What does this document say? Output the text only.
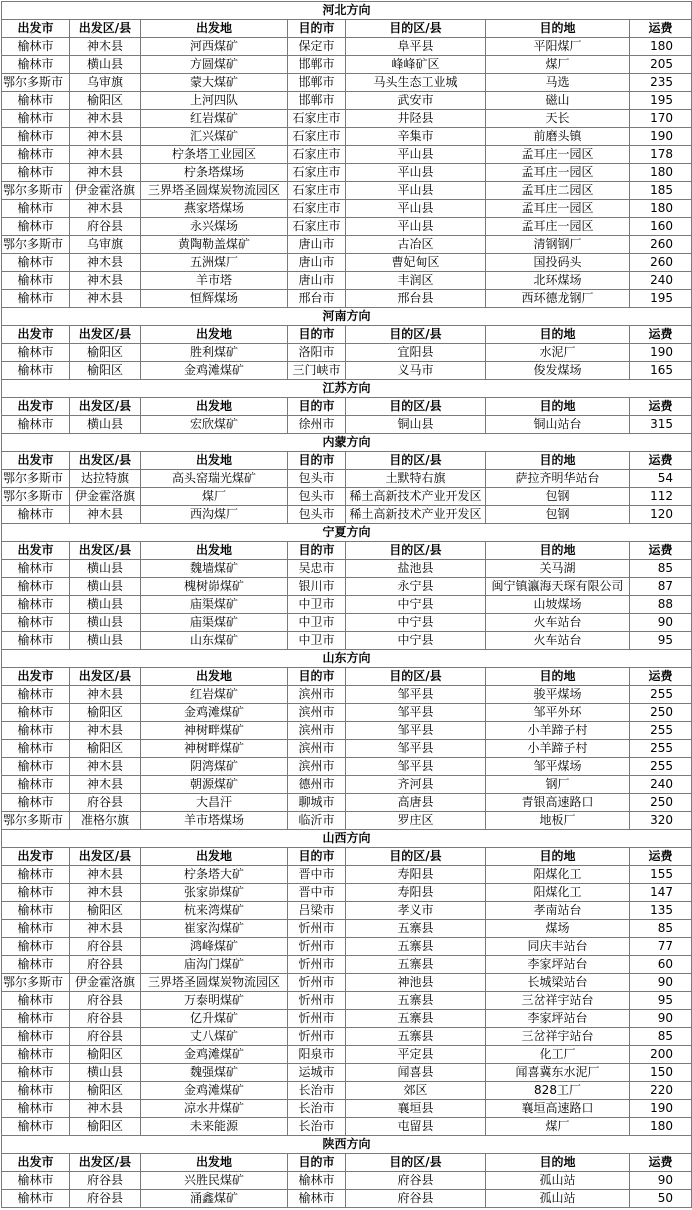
河北方向						
出发市	出发区/县	出发地	目的市	目的区/县	目的地	运费
榆林市	神木县	河西煤矿	保定市	阜平县	平阳煤厂	180
榆林市	横山县	方圆煤矿	邯郸市	峰峰矿区	煤厂	205
鄂尔多斯市	乌审旗	蒙大煤矿	邯郸市	马头生态工业城	马选	235
榆林市	榆阳区	上河四队	邯郸市	武安市	磁山	195
榆林市	神木县	红岩煤矿	石家庄市	井陉县	天长	170
榆林市	神木县	汇兴煤矿	石家庄市	辛集市	前磨头镇	190
榆林市	神木县	柠条塔工业园区	石家庄市	平山县	孟耳庄一园区	178
榆林市	神木县	柠条塔煤场	石家庄市	平山县	孟耳庄一园区	180
鄂尔多斯市	伊金霍洛旗	三界塔圣圆煤炭物流园区	石家庄市	平山县	孟耳庄二园区	185
榆林市	神木县	燕家塔煤场	石家庄市	平山县	孟耳庄一园区	180
榆林市	府谷县	永兴煤场	石家庄市	平山县	孟耳庄一园区	160
鄂尔多斯市	乌审旗	黄陶勒盖煤矿	唐山市	古冶区	清钢钢厂	260
榆林市	神木县	五洲煤厂	唐山市	曹妃甸区	国投码头	260
榆林市	神木县	羊市塔	唐山市	丰润区	北环煤场	240
榆林市	神木县	恒辉煤场	邢台市	邢台县	西环德龙钢厂	195
河南方向						
出发市	出发区/县	出发地	目的市	目的区/县	目的地	运费
榆林市	榆阳区	胜利煤矿	洛阳市	宜阳县	水泥厂	190
榆林市	榆阳区	金鸡滩煤矿	三门峡市	义马市	俊发煤场	165
江苏方向						
出发市	出发区/县	出发地	目的市	目的区/县	目的地	运费
榆林市	横山县	宏欣煤矿	徐州市	铜山县	铜山站台	315
内蒙方向						
出发市	出发区/县	出发地	目的市	目的区/县	目的地	运费
鄂尔多斯市	达拉特旗	高头窑瑞光煤矿	包头市	土默特右旗	萨拉齐明华站台	54
鄂尔多斯市	伊金霍洛旗	煤厂	包头市	稀土高新技术产业开发区	包钢	112
榆林市	神木县	西沟煤厂	包头市	稀土高新技术产业开发区	包钢	120
宁夏方向						
出发市	出发区/县	出发地	目的市	目的区/县	目的地	运费
榆林市	横山县	魏墙煤矿	吴忠市	盐池县	关马湖	85
榆林市	横山县	槐树峁煤矿	银川市	永宁县	闽宁镇瀛海天琛有限公司	87
榆林市	横山县	庙渠煤矿	中卫市	中宁县	山坡煤场	88
榆林市	横山县	庙渠煤矿	中卫市	中宁县	火车站台	90
榆林市	横山县	山东煤矿	中卫市	中宁县	火车站台	95
山东方向						
出发市	出发区/县	出发地	目的市	目的区/县	目的地	运费
榆林市	神木县	红岩煤矿	滨州市	邹平县	骏平煤场	255
榆林市	榆阳区	金鸡滩煤矿	滨州市	邹平县	邹平外环	250
榆林市	神木县	神树畔煤矿	滨州市	邹平县	小羊蹄子村	255
榆林市	榆阳区	神树畔煤矿	滨州市	邹平县	小羊蹄子村	255
榆林市	神木县	阴湾煤矿	滨州市	邹平县	邹平煤场	255
榆林市	神木县	朝源煤矿	德州市	齐河县	钢厂	240
榆林市	府谷县	大昌汗	聊城市	高唐县	青银高速路口	250
鄂尔多斯市	准格尔旗	羊市塔煤场	临沂市	罗庄区	地板厂	320
山西方向						
出发市	出发区/县	出发地	目的市	目的区/县	目的地	运费
榆林市	神木县	柠条塔大矿	晋中市	寿阳县	阳煤化工	155
榆林市	神木县	张家峁煤矿	晋中市	寿阳县	阳煤化工	147
榆林市	榆阳区	杭来湾煤矿	吕梁市	孝义市	孝南站台	135
榆林市	神木县	崔家沟煤矿	忻州市	五寨县	煤场	85
榆林市	府谷县	鸿峰煤矿	忻州市	五寨县	同庆丰站台	77
榆林市	府谷县	庙沟门煤矿	忻州市	五寨县	李家坪站台	60
鄂尔多斯市	伊金霍洛旗	三界塔圣圆煤炭物流园区	忻州市	神池县	长城梁站台	90
榆林市	府谷县	万泰明煤矿	忻州市	五寨县	三岔祥宇站台	95
榆林市	府谷县	亿升煤矿	忻州市	五寨县	李家坪站台	90
榆林市	府谷县	丈八煤矿	忻州市	五寨县	三岔祥宇站台	85
榆林市	榆阳区	金鸡滩煤矿	阳泉市	平定县	化工厂	200
榆林市	横山县	魏强煤矿	运城市	闻喜县	闻喜冀东水泥厂	150
榆林市	榆阳区	金鸡滩煤矿	长治市	郊区	828工厂	220
榆林市	神木县	凉水井煤矿	长治市	襄垣县	襄垣高速路口	190
榆林市	榆阳区	未来能源	长治市	屯留县	煤厂	180
陕西方向						
出发市	出发区/县	出发地	目的市	目的区/县	目的地	运费
榆林市	府谷县	兴胜民煤矿	榆林市	府谷县	孤山站	90
榆林市	府谷县	涌鑫煤矿	榆林市	府谷县	孤山站	50
